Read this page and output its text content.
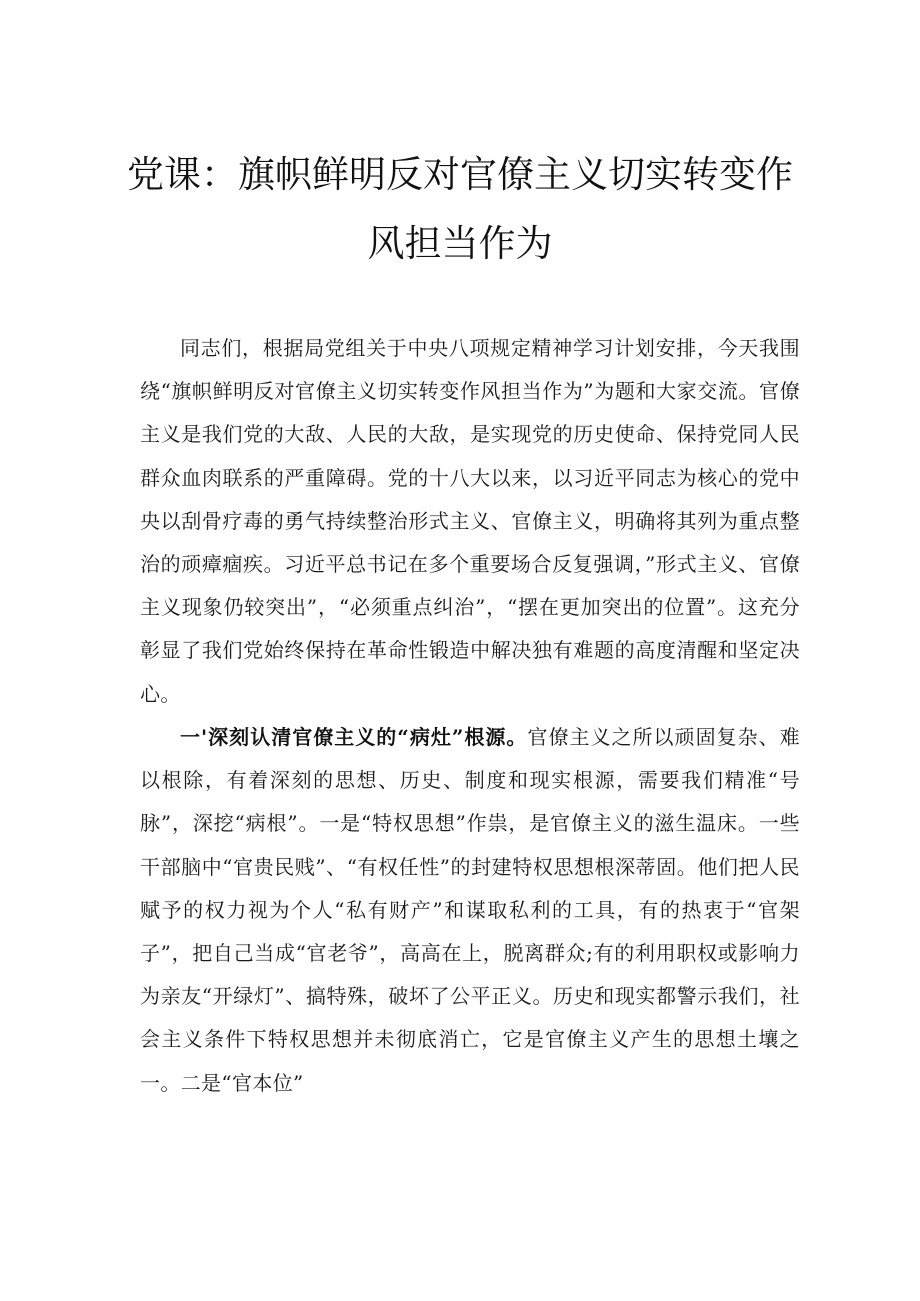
党课：旗帜鲜明反对官僚主义切实转变作
风担当作为

同志们，根据局党组关于中央八项规定精神学习计划安排，今天我围绕“旗帜鲜明反对官僚主义切实转变作风担当作为”为题和大家交流。官僚主义是我们党的大敌、人民的大敌，是实现党的历史使命、保持党同人民群众血肉联系的严重障碍。党的十八大以来，以习近平同志为核心的党中央以刮骨疗毒的勇气持续整治形式主义、官僚主义，明确将其列为重点整治的顽瘴痼疾。习近平总书记在多个重要场合反复强调，”形式主义、官僚主义现象仍较突出”，“必须重点纠治”，“摆在更加突出的位置”。这充分彰显了我们党始终保持在革命性锻造中解决独有难题的高度清醒和坚定决心。

一'深刻认清官僚主义的“病灶”根源。官僚主义之所以顽固复杂、难以根除，有着深刻的思想、历史、制度和现实根源，需要我们精准“号脉”，深挖“病根”。一是“特权思想”作祟，是官僚主义的滋生温床。一些干部脑中“官贵民贱”、“有权任性”的封建特权思想根深蒂固。他们把人民赋予的权力视为个人“私有财产”和谋取私利的工具，有的热衷于“官架子”，把自己当成“官老爷”，高高在上，脱离群众;有的利用职权或影响力为亲友“开绿灯”、搞特殊，破坏了公平正义。历史和现实都警示我们，社会主义条件下特权思想并未彻底消亡，它是官僚主义产生的思想土壤之一。二是“官本位”
